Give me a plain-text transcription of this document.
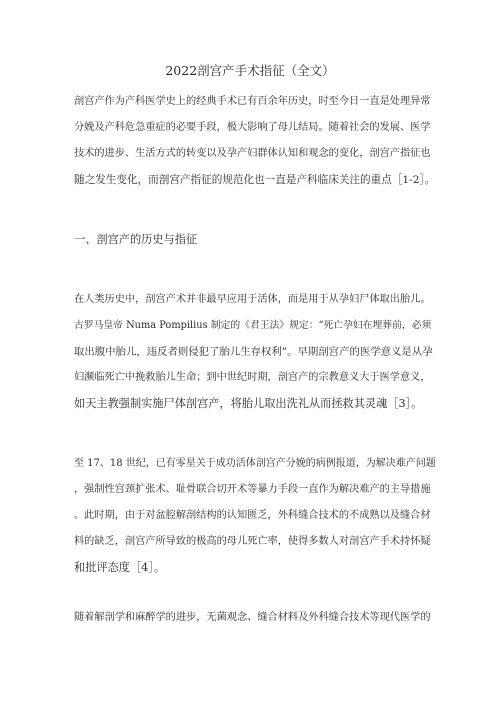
2022剖宫产手术指征（全文）
剖宫产作为产科医学史上的经典手术已有百余年历史，时至今日一直是处理异常
分娩及产科危急重症的必要手段，极大影响了母儿结局。随着社会的发展、医学
技术的进步、生活方式的转变以及孕产妇群体认知和观念的变化，剖宫产指征也
随之发生变化，而剖宫产指征的规范化也一直是产科临床关注的重点［1-2］。
一、剖宫产的历史与指征
在人类历史中，剖宫产术并非最早应用于活体，而是用于从孕妇尸体取出胎儿。
古罗马皇帝 Numa Pompilius 制定的《君王法》规定：“死亡孕妇在埋葬前，必须
取出腹中胎儿，违反者则侵犯了胎儿生存权利”。早期剖宫产的医学意义是从孕
妇濒临死亡中挽救胎儿生命；到中世纪时期，剖宫产的宗教意义大于医学意义，
如天主教强制实施尸体剖宫产，将胎儿取出洗礼从而拯救其灵魂［3］。
至 17、18 世纪，已有零星关于成功活体剖宫产分娩的病例报道，为解决难产问题
，强制性宫颈扩张术、耻骨联合切开术等暴力手段一直作为解决难产的主导措施
。此时期，由于对盆腔解剖结构的认知匮乏，外科缝合技术的不成熟以及缝合材
料的缺乏，剖宫产所导致的极高的母儿死亡率，使得多数人对剖宫产手术持怀疑
和批评态度［4］。
随着解剖学和麻醉学的进步，无菌观念、缝合材料及外科缝合技术等现代医学的
